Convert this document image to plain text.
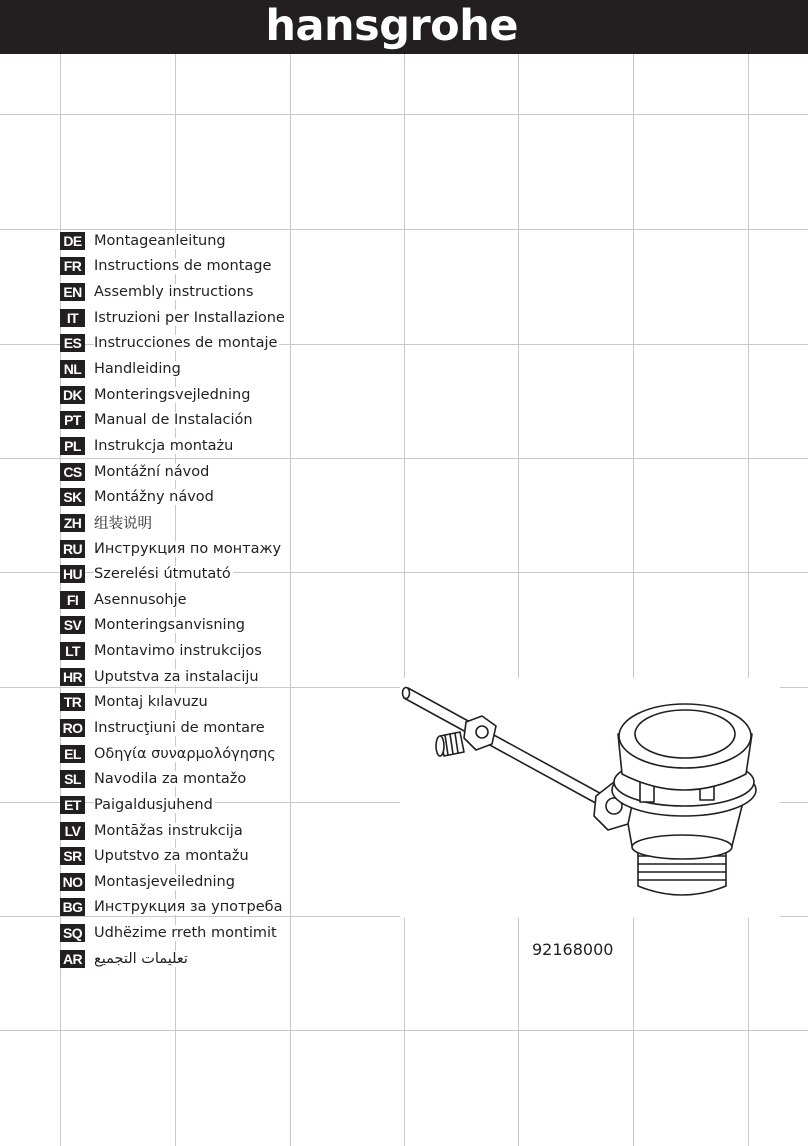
hansgrohe
DE Montageanleitung
FR Instructions de montage
EN Assembly instructions
IT	Istruzioni per Installazione
ES Instrucciones de montaje
NL Handleiding
DK Monteringsvejledning
PT Manual de Instalación
PL Instrukcja montażu
CS Montážní návod
SK Montážny návod
ZH 组装说明
RU Инструкция по монтажу
HU Szerelési útmutató
FI	Asennusohje
SV Monteringsanvisning
LT Montavimo instrukcijos
HR Uputstva za instalaciju
TR Montaj kılavuzu
RO Instrucţiuni de montare
EL Οδηγία συναρμολόγησης
SL Navodila za montažo
ET Paigaldusjuhend
LV Montāžas instrukcija
SR Uputstvo za montažu
NO Montasjeveiledning
BG Инструкция за употреба
SQ Udhëzime rreth montimit
AR تعليمات التجميع	92168000
